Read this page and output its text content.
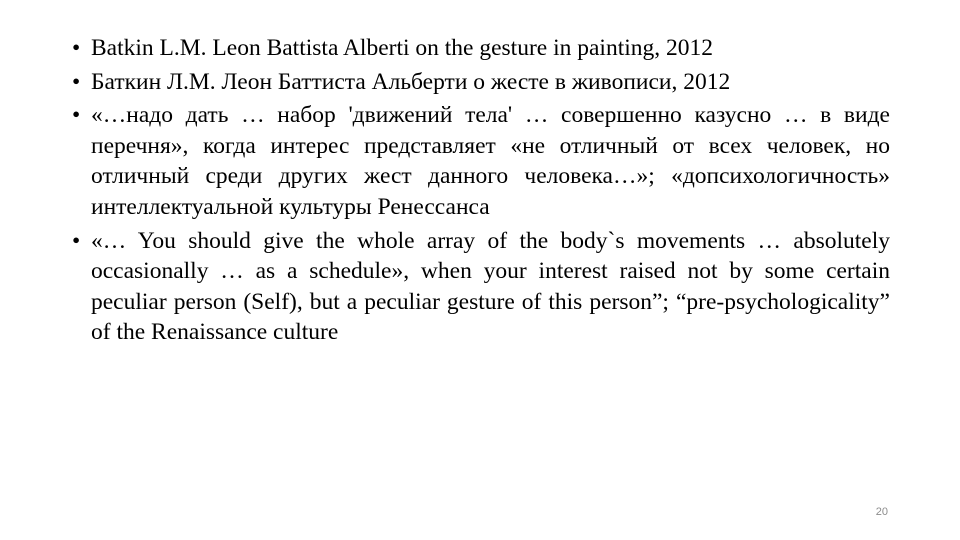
• Batkin L.M. Leon Battista Alberti on the gesture in painting, 2012
• Баткин Л.М. Леон Баттиста Альберти о жесте в живописи, 2012
• «…надо дать … набор 'движений тела' … совершенно казусно … в виде перечня», когда интерес представляет «не отличный от всех человек, но отличный среди других жест данного человека…»; «допсихологичность» интеллектуальной культуры Ренессанса
• «… You should give the whole array of the body`s movements … absolutely occasionally … as a schedule», when your interest raised not by some certain peculiar person (Self), but a peculiar gesture of this person”; “pre-psychologicality” of the Renaissance culture
20
